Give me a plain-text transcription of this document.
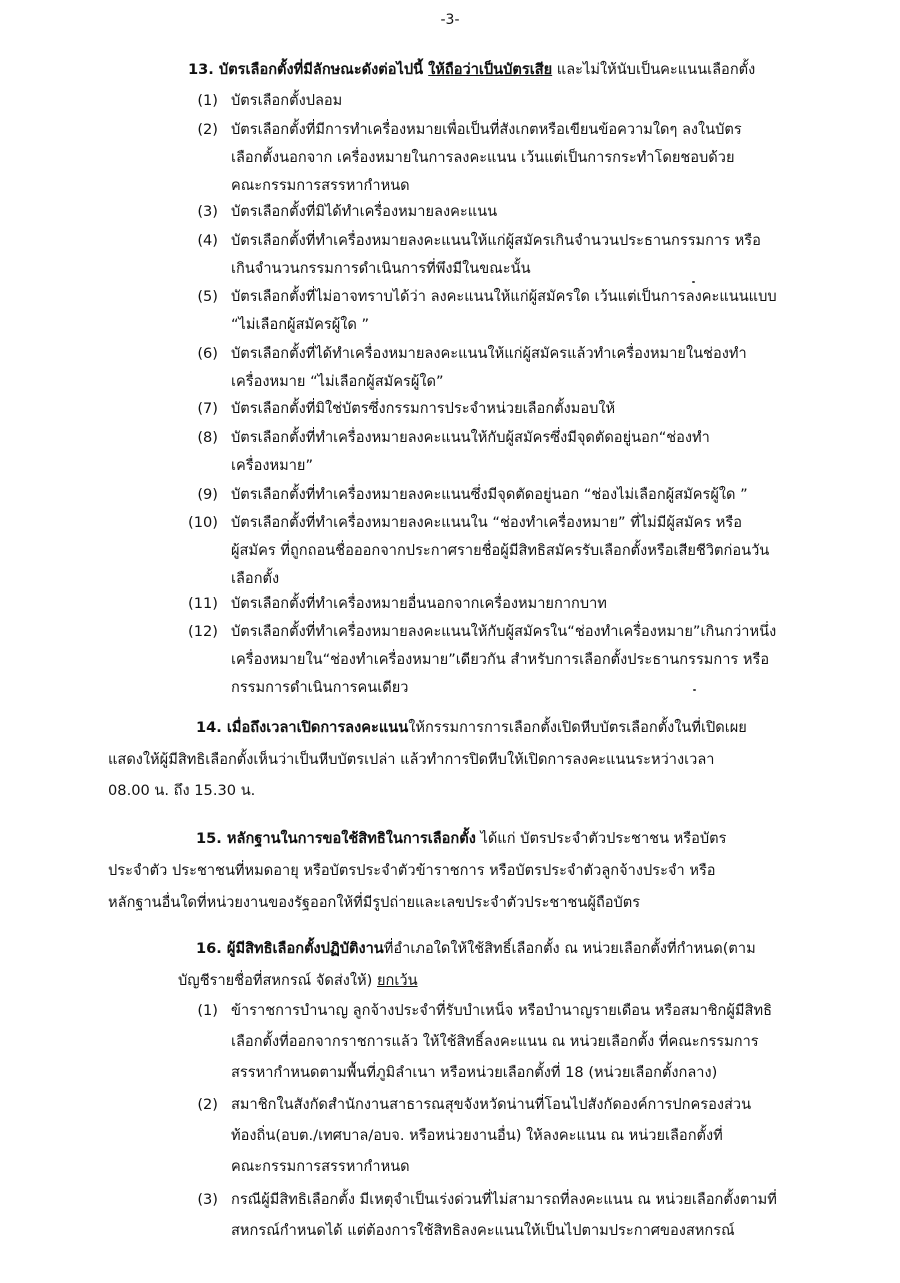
-3-
13. บัตรเลือกตั้งที่มีลักษณะดังต่อไปนี้ ให้ถือว่าเป็นบัตรเสีย และไม่ให้นับเป็นคะแนนเลือกตั้ง
(1) บัตรเลือกตั้งปลอม
(2) บัตรเลือกตั้งที่มีการทำเครื่องหมายเพื่อเป็นที่สังเกตหรือเขียนข้อความใดๆ ลงในบัตร
เลือกตั้งนอกจาก เครื่องหมายในการลงคะแนน เว้นแต่เป็นการกระทำโดยชอบด้วย
คณะกรรมการสรรหากำหนด
(3) บัตรเลือกตั้งที่มิได้ทำเครื่องหมายลงคะแนน
(4) บัตรเลือกตั้งที่ทำเครื่องหมายลงคะแนนให้แก่ผู้สมัครเกินจำนวนประธานกรรมการ หรือ
เกินจำนวนกรรมการดำเนินการที่พึงมีในขณะนั้น
(5) บัตรเลือกตั้งที่ไม่อาจทราบได้ว่า ลงคะแนนให้แก่ผู้สมัครใด เว้นแต่เป็นการลงคะแนนแบบ
“ไม่เลือกผู้สมัครผู้ใด ”
(6) บัตรเลือกตั้งที่ได้ทำเครื่องหมายลงคะแนนให้แก่ผู้สมัครแล้วทำเครื่องหมายในช่องทำ
เครื่องหมาย “ไม่เลือกผู้สมัครผู้ใด”
(7) บัตรเลือกตั้งที่มิใช่บัตรซึ่งกรรมการประจำหน่วยเลือกตั้งมอบให้
(8) บัตรเลือกตั้งที่ทำเครื่องหมายลงคะแนนให้กับผู้สมัครซึ่งมีจุดตัดอยู่นอก“ช่องทำ
เครื่องหมาย”
(9) บัตรเลือกตั้งที่ทำเครื่องหมายลงคะแนนซึ่งมีจุดตัดอยู่นอก “ช่องไม่เลือกผู้สมัครผู้ใด ”
(10) บัตรเลือกตั้งที่ทำเครื่องหมายลงคะแนนใน “ช่องทำเครื่องหมาย” ที่ไม่มีผู้สมัคร หรือ
ผู้สมัคร ที่ถูกถอนชื่อออกจากประกาศรายชื่อผู้มีสิทธิสมัครรับเลือกตั้งหรือเสียชีวิตก่อนวัน
เลือกตั้ง
(11) บัตรเลือกตั้งที่ทำเครื่องหมายอื่นนอกจากเครื่องหมายกากบาท
(12) บัตรเลือกตั้งที่ทำเครื่องหมายลงคะแนนให้กับผู้สมัครใน“ช่องทำเครื่องหมาย”เกินกว่าหนึ่ง
เครื่องหมายใน“ช่องทำเครื่องหมาย”เดียวกัน สำหรับการเลือกตั้งประธานกรรมการ หรือ
กรรมการดำเนินการคนเดียว
14. เมื่อถึงเวลาเปิดการลงคะแนนให้กรรมการการเลือกตั้งเปิดหีบบัตรเลือกตั้งในที่เปิดเผย
แสดงให้ผู้มีสิทธิเลือกตั้งเห็นว่าเป็นหีบบัตรเปล่า แล้วทำการปิดหีบให้เปิดการลงคะแนนระหว่างเวลา
08.00 น. ถึง 15.30 น.
15. หลักฐานในการขอใช้สิทธิในการเลือกตั้ง ได้แก่ บัตรประจำตัวประชาชน หรือบัตร
ประจำตัว ประชาชนที่หมดอายุ หรือบัตรประจำตัวข้าราชการ หรือบัตรประจำตัวลูกจ้างประจำ หรือ
หลักฐานอื่นใดที่หน่วยงานของรัฐออกให้ที่มีรูปถ่ายและเลขประจำตัวประชาชนผู้ถือบัตร
16. ผู้มีสิทธิเลือกตั้งปฏิบัติงานที่อำเภอใดให้ใช้สิทธิ์เลือกตั้ง ณ หน่วยเลือกตั้งที่กำหนด(ตาม
บัญชีรายชื่อที่สหกรณ์ จัดส่งให้) ยกเว้น
(1) ข้าราชการบำนาญ ลูกจ้างประจำที่รับบำเหน็จ หรือบำนาญรายเดือน หรือสมาชิกผู้มีสิทธิ
เลือกตั้งที่ออกจากราชการแล้ว ให้ใช้สิทธิ์ลงคะแนน ณ หน่วยเลือกตั้ง ที่คณะกรรมการ
สรรหากำหนดตามพื้นที่ภูมิลำเนา หรือหน่วยเลือกตั้งที่ 18 (หน่วยเลือกตั้งกลาง)
(2) สมาชิกในสังกัดสำนักงานสาธารณสุขจังหวัดน่านที่โอนไปสังกัดองค์การปกครองส่วน
ท้องถิ่น(อบต./เทศบาล/อบจ. หรือหน่วยงานอื่น) ให้ลงคะแนน ณ หน่วยเลือกตั้งที่
คณะกรรมการสรรหากำหนด
(3) กรณีผู้มีสิทธิเลือกตั้ง มีเหตุจำเป็นเร่งด่วนที่ไม่สามารถที่ลงคะแนน ณ หน่วยเลือกตั้งตามที่
สหกรณ์กำหนดได้ แต่ต้องการใช้สิทธิลงคะแนนให้เป็นไปตามประกาศของสหกรณ์
